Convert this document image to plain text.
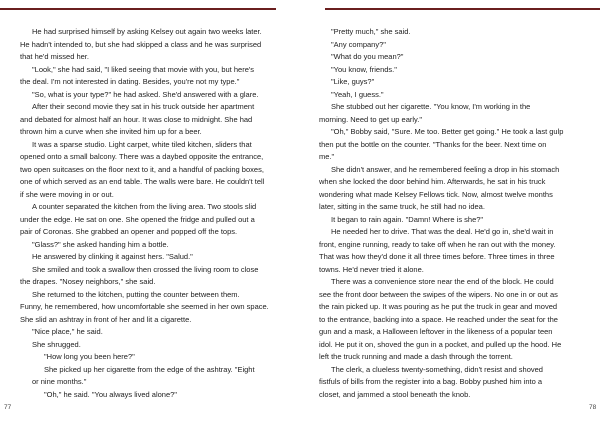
He had surprised himself by asking Kelsey out again two weeks later.
He hadn't intended to, but she had skipped a class and he was surprised
that he'd missed her.
"Look," she had said, "I liked seeing that movie with you, but here's
the deal. I'm not interested in dating. Besides, you're not my type."
"So, what is your type?" he had asked. She'd answered with a glare.
After their second movie they sat in his truck outside her apartment
and debated for almost half an hour. It was close to midnight. She had
thrown him a curve when she invited him up for a beer.
It was a sparse studio. Light carpet, white tiled kitchen, sliders that
opened onto a small balcony. There was a daybed opposite the entrance,
two open suitcases on the floor next to it, and a handful of packing boxes,
one of which served as an end table. The walls were bare. He couldn't tell
if she were moving in or out.
A counter separated the kitchen from the living area. Two stools slid
under the edge. He sat on one. She opened the fridge and pulled out a
pair of Coronas. She grabbed an opener and popped off the tops.
"Glass?" she asked handing him a bottle.
He answered by clinking it against hers. "Salud."
She smiled and took a swallow then crossed the living room to close
the drapes. "Nosey neighbors," she said.
She returned to the kitchen, putting the counter between them.
Funny, he remembered, how uncomfortable she seemed in her own space.
She slid an ashtray in front of her and lit a cigarette.
"Nice place," he said.
She shrugged.
"How long you been here?"
She picked up her cigarette from the edge of the ashtray. "Eight
or nine months."
"Oh," he said. "You always lived alone?"
"Pretty much," she said.
"Any company?"
"What do you mean?"
"You know, friends."
"Like, guys?"
"Yeah, I guess."
She stubbed out her cigarette. "You know, I'm working in the
morning. Need to get up early."
"Oh," Bobby said, "Sure. Me too. Better get going." He took a last gulp
then put the bottle on the counter. "Thanks for the beer. Next time on
me."
She didn't answer, and he remembered feeling a drop in his stomach
when she locked the door behind him. Afterwards, he sat in his truck
wondering what made Kelsey Fellows tick. Now, almost twelve months
later, sitting in the same truck, he still had no idea.
It began to rain again. "Damn! Where is she?"
He needed her to drive. That was the deal. He'd go in, she'd wait in
front, engine running, ready to take off when he ran out with the money.
That was how they'd done it all three times before. Three times in three
towns. He'd never tried it alone.
There was a convenience store near the end of the block. He could
see the front door between the swipes of the wipers. No one in or out as
the rain picked up. It was pouring as he put the truck in gear and moved
to the entrance, backing into a space. He reached under the seat for the
gun and a mask, a Halloween leftover in the likeness of a popular teen
idol. He put it on, shoved the gun in a pocket, and pulled up the hood. He
left the truck running and made a dash through the torrent.
The clerk, a clueless twenty-something, didn't resist and shoved
fistfuls of bills from the register into a bag. Bobby pushed him into a
closet, and jammed a stool beneath the knob.
77	78
